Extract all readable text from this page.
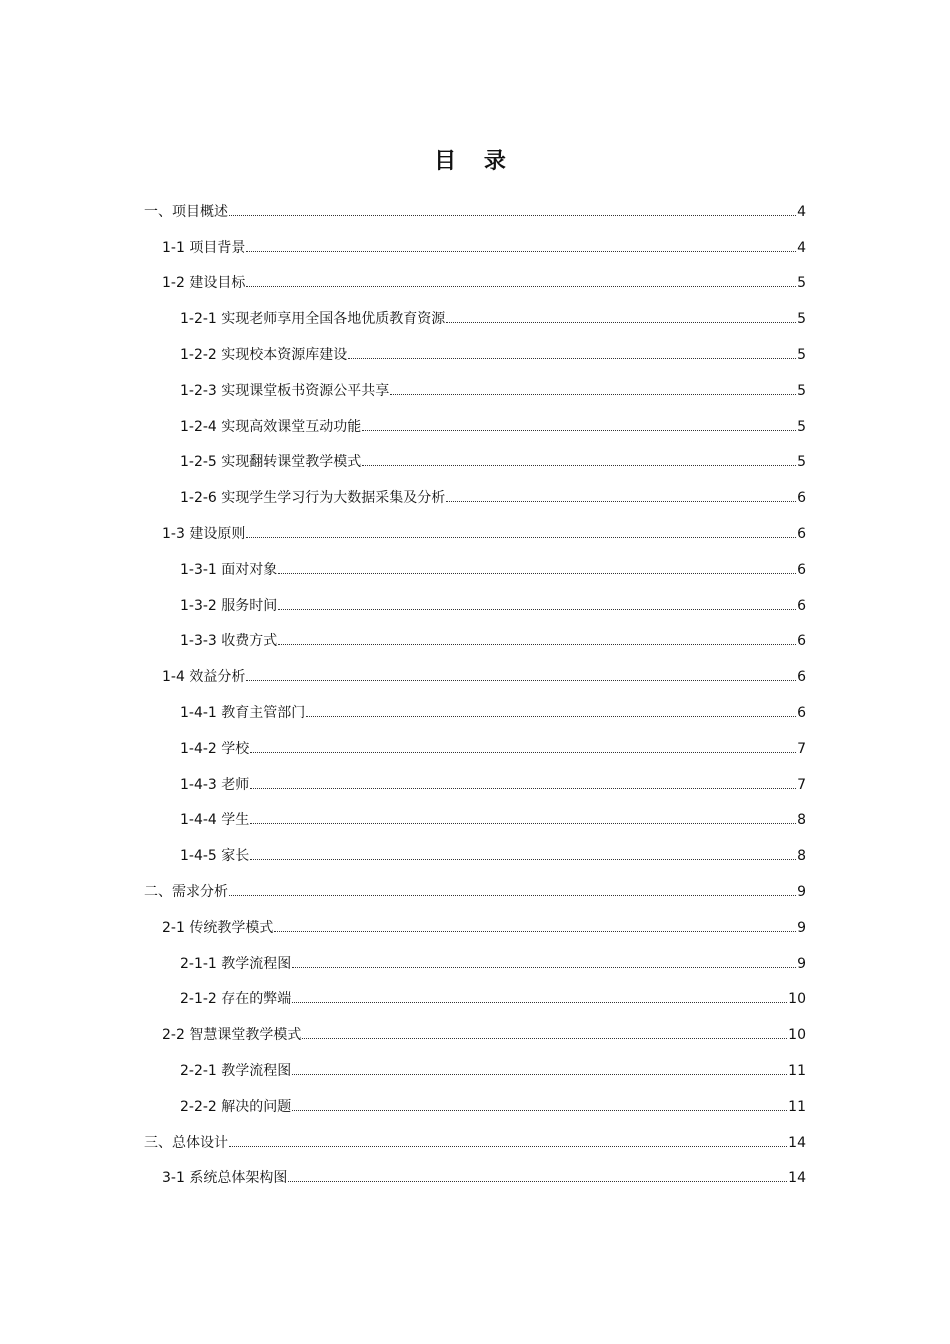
目 录
一、项目概述	4
1-1 项目背景	4
1-2 建设目标	5
1-2-1 实现老师享用全国各地优质教育资源	5
1-2-2 实现校本资源库建设	5
1-2-3 实现课堂板书资源公平共享	5
1-2-4 实现高效课堂互动功能	5
1-2-5 实现翻转课堂教学模式	5
1-2-6 实现学生学习行为大数据采集及分析	6
1-3 建设原则	6
1-3-1 面对对象	6
1-3-2 服务时间	6
1-3-3 收费方式	6
1-4 效益分析	6
1-4-1 教育主管部门	6
1-4-2 学校	7
1-4-3 老师	7
1-4-4 学生	8
1-4-5 家长	8
二、需求分析	9
2-1 传统教学模式	9
2-1-1 教学流程图	9
2-1-2 存在的弊端	10
2-2 智慧课堂教学模式	10
2-2-1 教学流程图	11
2-2-2 解决的问题	11
三、总体设计	14
3-1 系统总体架构图	14
